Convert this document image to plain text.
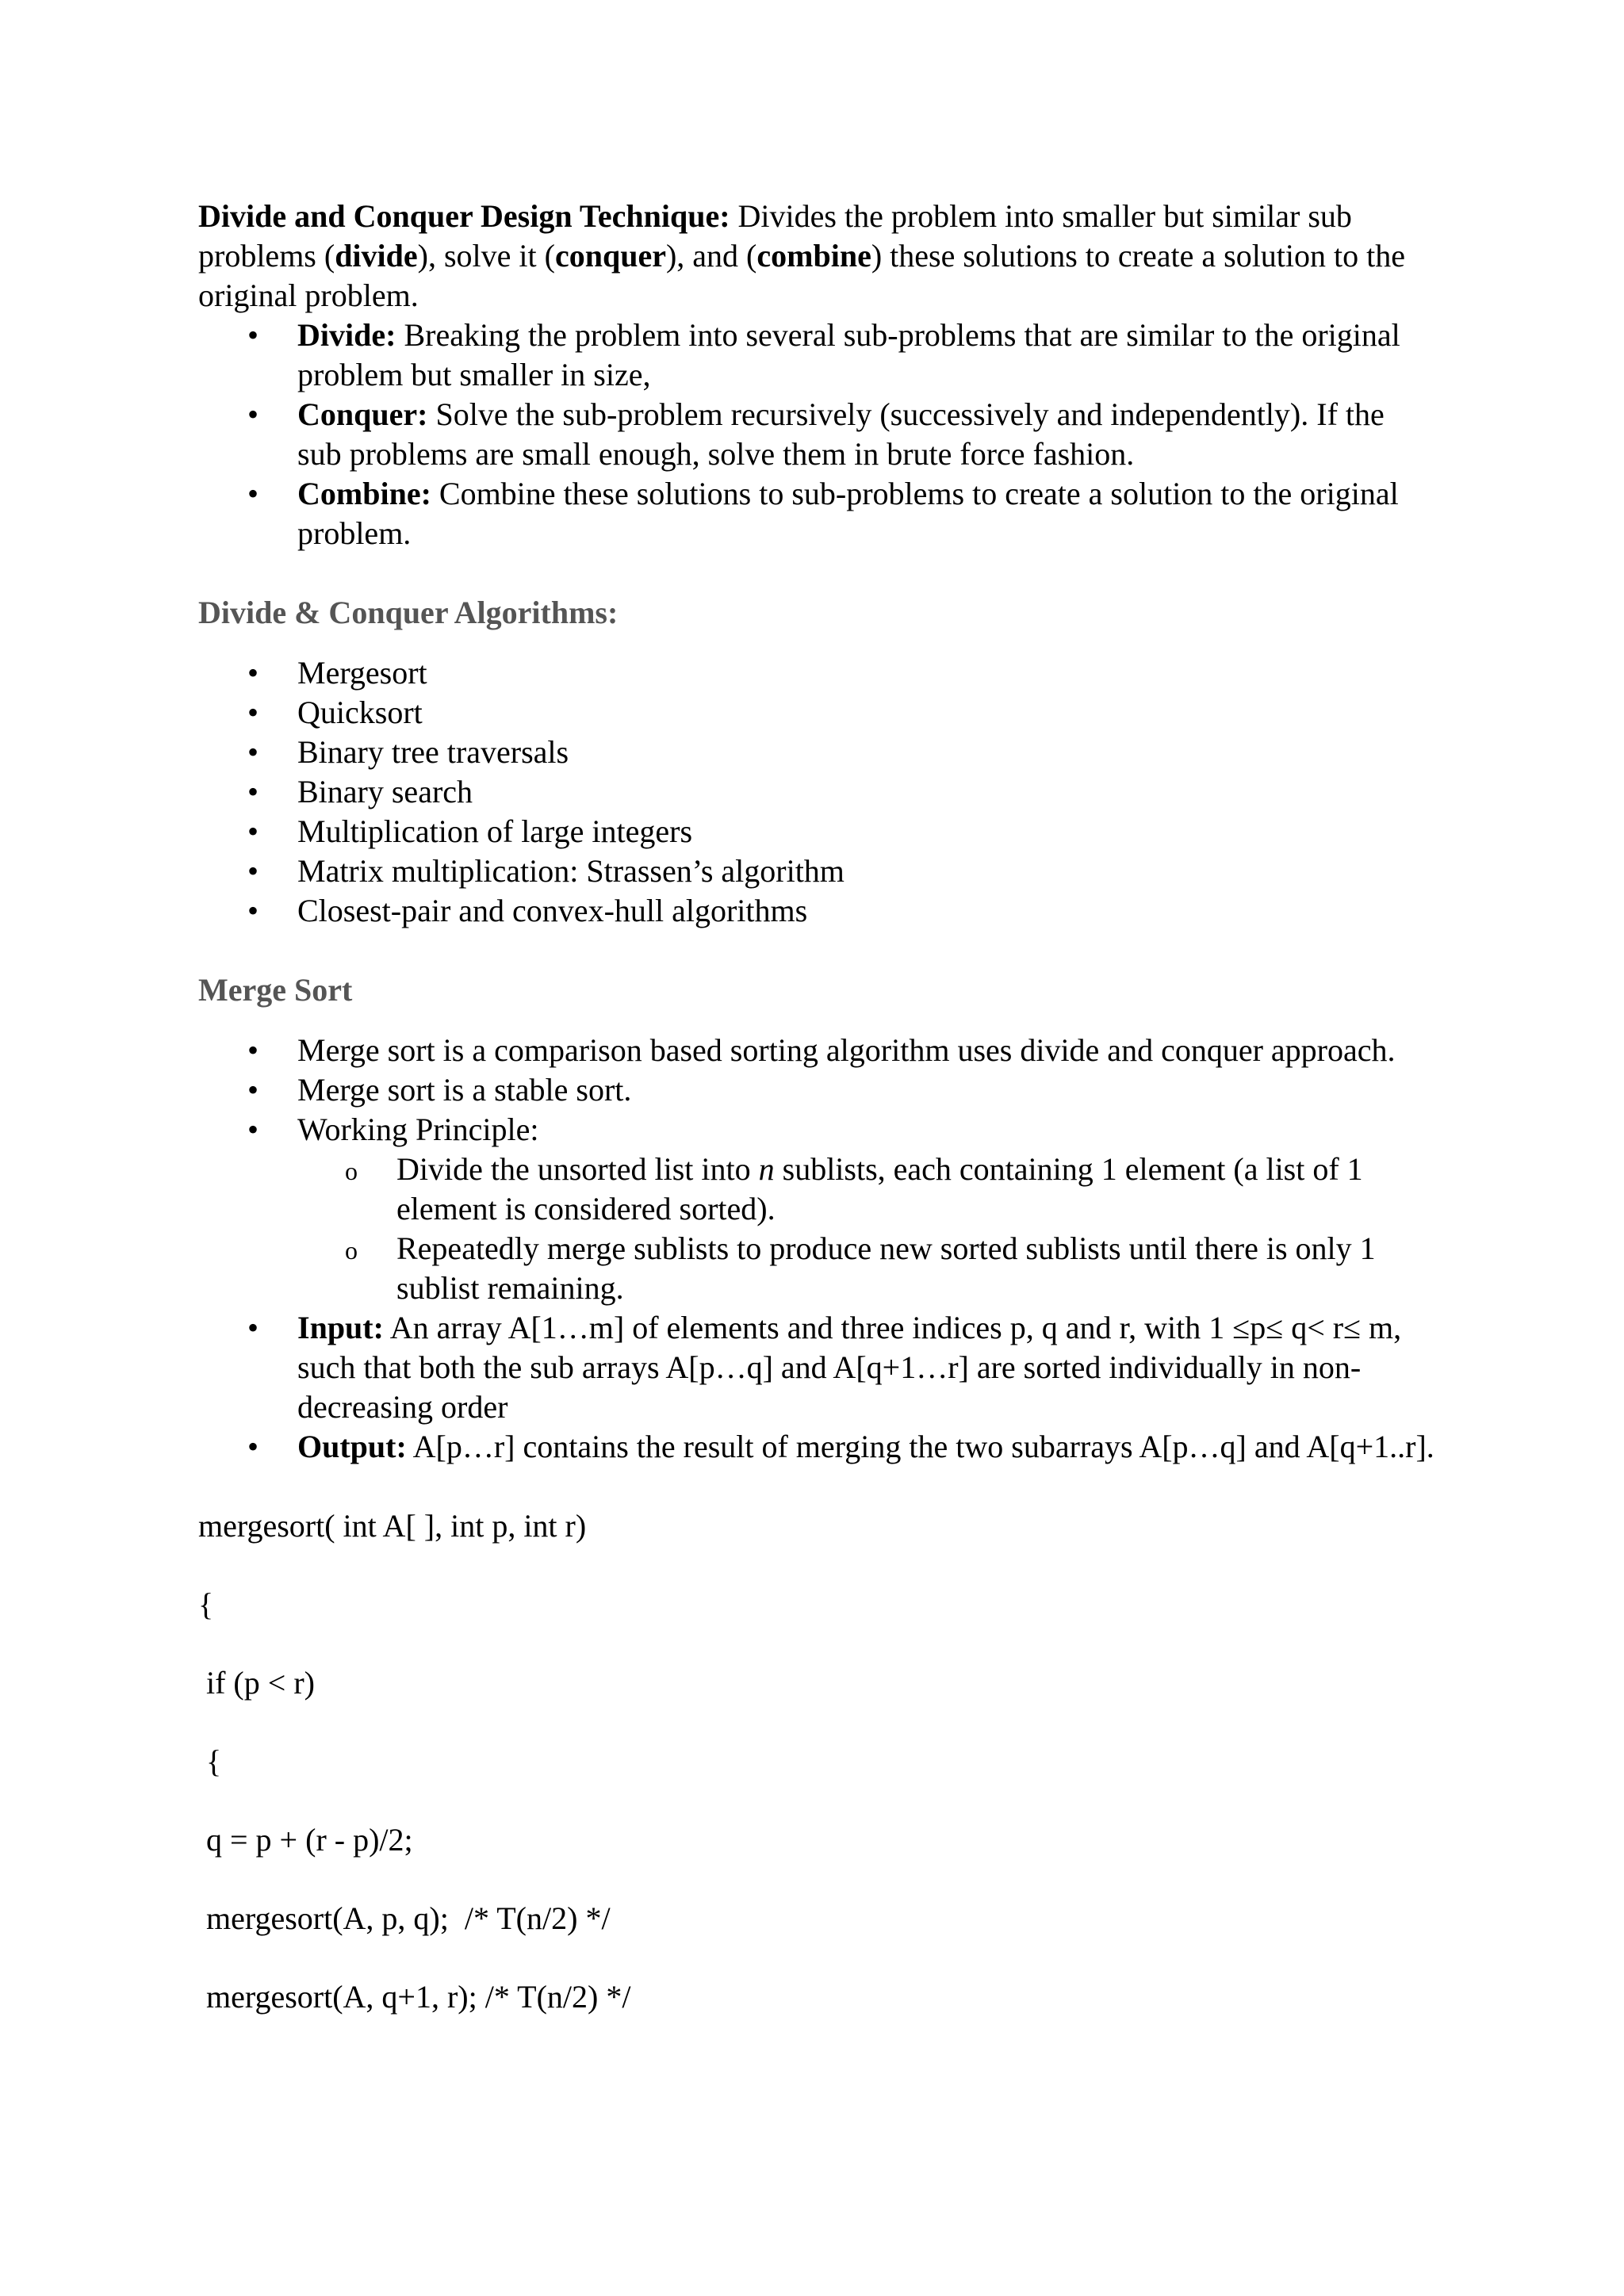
Divide and Conquer Design Technique: Divides the problem into smaller but similar sub problems (divide), solve it (conquer), and (combine) these solutions to create a solution to the original problem.

• Divide: Breaking the problem into several sub-problems that are similar to the original problem but smaller in size,
• Conquer: Solve the sub-problem recursively (successively and independently). If the sub problems are small enough, solve them in brute force fashion.
• Combine: Combine these solutions to sub-problems to create a solution to the original problem.

Divide & Conquer Algorithms:

• Mergesort
• Quicksort
• Binary tree traversals
• Binary search
• Multiplication of large integers
• Matrix multiplication: Strassen’s algorithm
• Closest-pair and convex-hull algorithms

Merge Sort

• Merge sort is a comparison based sorting algorithm uses divide and conquer approach.
• Merge sort is a stable sort.
• Working Principle:
o Divide the unsorted list into n sublists, each containing 1 element (a list of 1 element is considered sorted).
o Repeatedly merge sublists to produce new sorted sublists until there is only 1 sublist remaining.
• Input: An array A[1…m] of elements and three indices p, q and r, with 1 ≤p≤ q< r≤ m, such that both the sub arrays A[p…q] and A[q+1…r] are sorted individually in non-decreasing order
• Output: A[p…r] contains the result of merging the two subarrays A[p…q] and A[q+1..r].

mergesort( int A[ ], int p, int r)

{

if (p < r)

{

q = p + (r - p)/2;

mergesort(A, p, q);  /* T(n/2) */

mergesort(A, q+1, r); /* T(n/2) */
